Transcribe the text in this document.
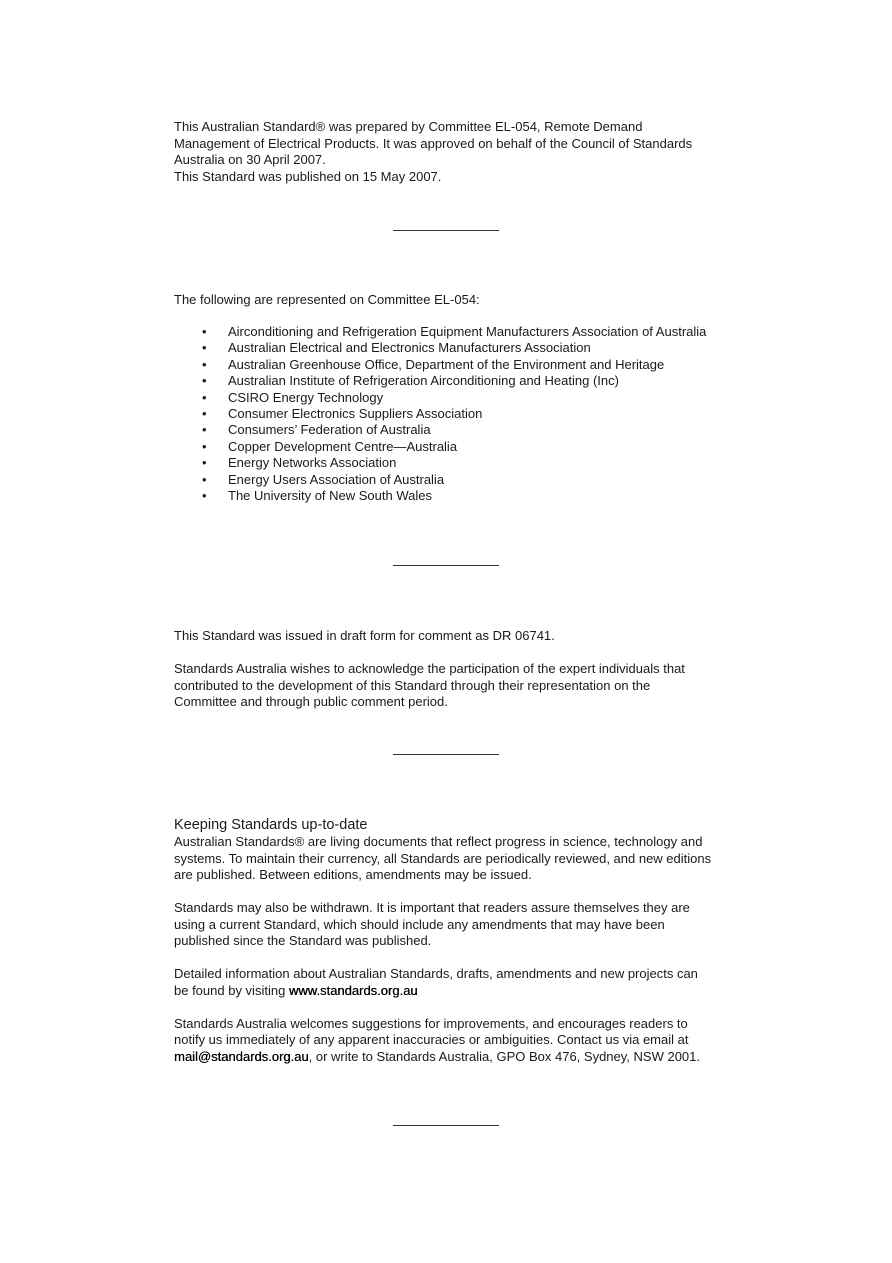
This Australian Standard® was prepared by Committee EL-054, Remote Demand

Management of Electrical Products. It was approved on behalf of the Council of Standards

Australia on 30 April 2007.

This Standard was published on 15 May 2007.

The following are represented on Committee EL-054:

• Airconditioning and Refrigeration Equipment Manufacturers Association of Australia
• Australian Electrical and Electronics Manufacturers Association
• Australian Greenhouse Office, Department of the Environment and Heritage
• Australian Institute of Refrigeration Airconditioning and Heating (Inc)
• CSIRO Energy Technology
• Consumer Electronics Suppliers Association
• Consumers’ Federation of Australia
• Copper Development Centre—Australia
• Energy Networks Association
• Energy Users Association of Australia
• The University of New South Wales

This Standard was issued in draft form for comment as DR 06741.

Standards Australia wishes to acknowledge the participation of the expert individuals that

contributed to the development of this Standard through their representation on the

Committee and through public comment period.

Keeping Standards up-to-date

Australian Standards® are living documents that reflect progress in science, technology and

systems. To maintain their currency, all Standards are periodically reviewed, and new editions

are published. Between editions, amendments may be issued.

Standards may also be withdrawn. It is important that readers assure themselves they are

using a current Standard, which should include any amendments that may have been

published since the Standard was published.

Detailed information about Australian Standards, drafts, amendments and new projects can

be found by visiting www.standards.org.au

Standards Australia welcomes suggestions for improvements, and encourages readers to

notify us immediately of any apparent inaccuracies or ambiguities. Contact us via email at

mail@standards.org.au, or write to Standards Australia, GPO Box 476, Sydney, NSW 2001.
